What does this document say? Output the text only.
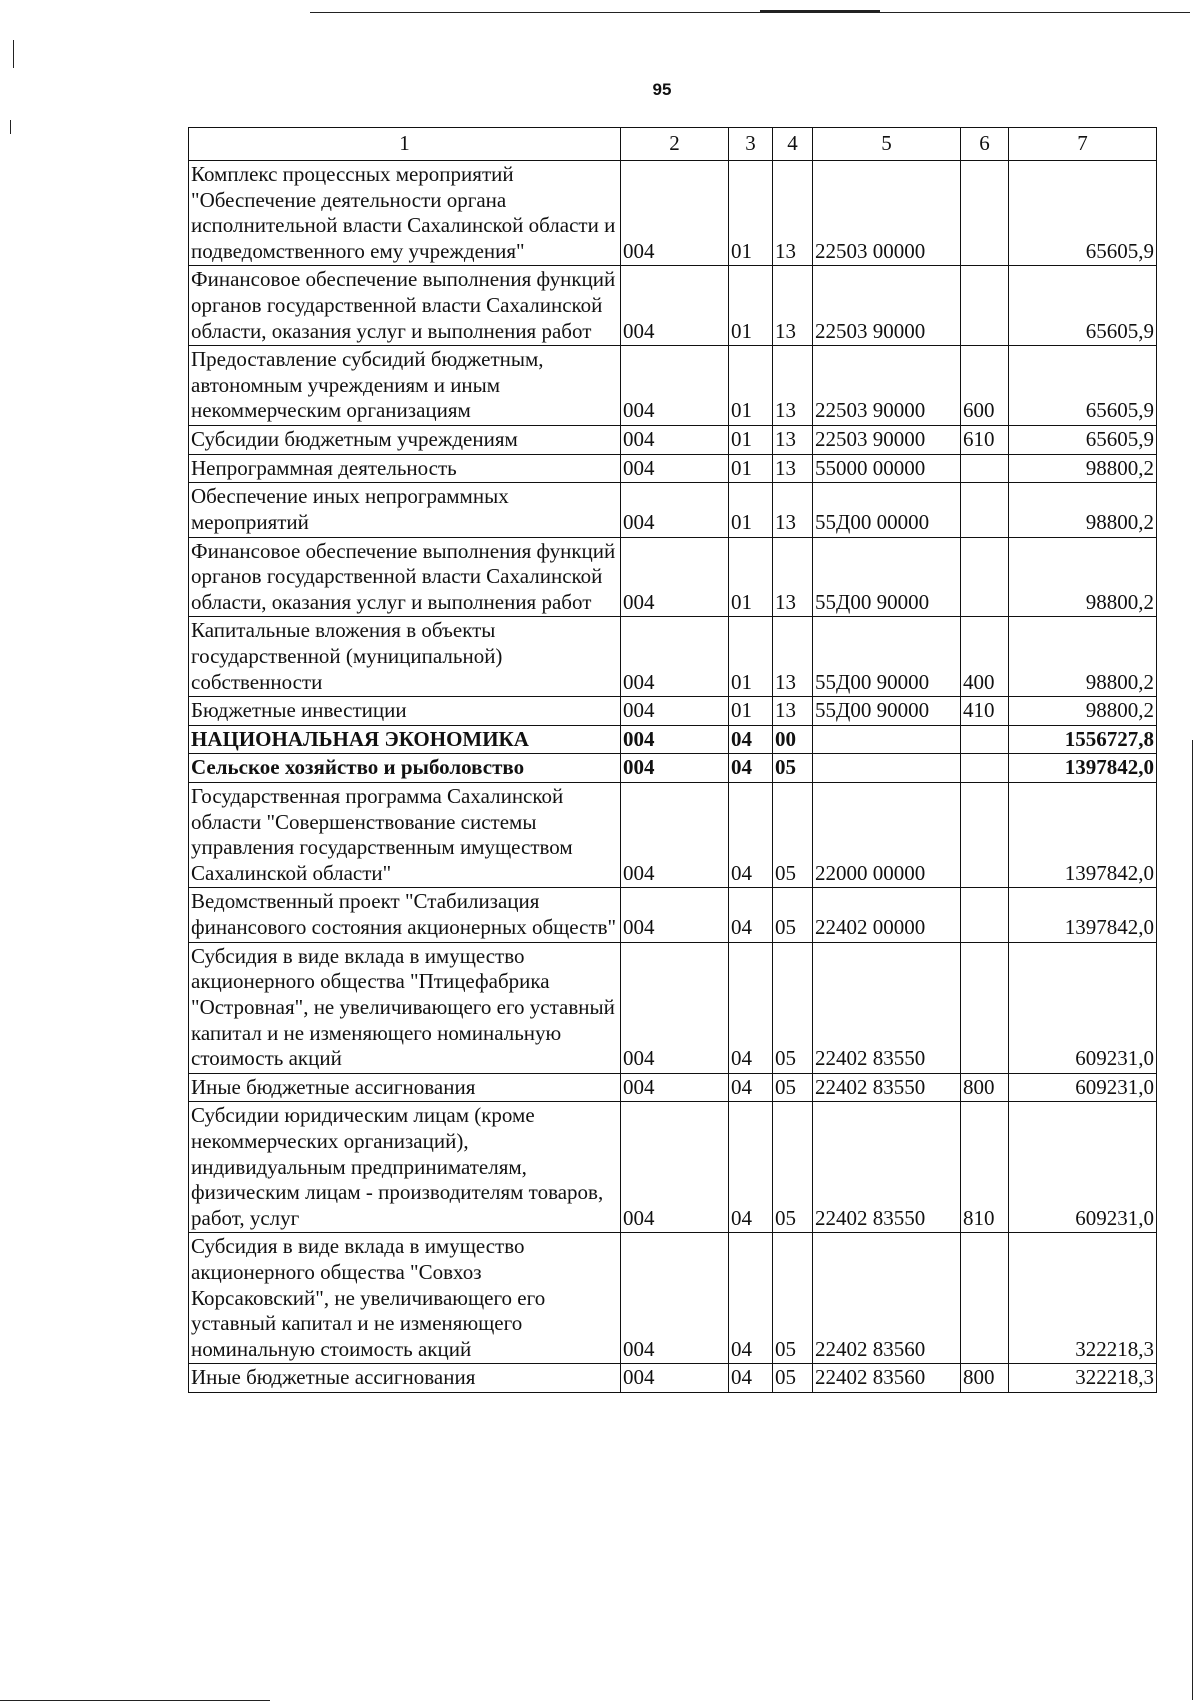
95
1	2	3	4	5	6	7
Комплекс процессных мероприятий "Обеспечение деятельности органа исполнительной власти Сахалинской области и подведомственного ему учреждения"	004	01	13	22503 00000		65605,9
Финансовое обеспечение выполнения функций органов государственной власти Сахалинской области, оказания услуг и выполнения работ	004	01	13	22503 90000		65605,9
Предоставление субсидий бюджетным, автономным учреждениям и иным некоммерческим организациям	004	01	13	22503 90000	600	65605,9
Субсидии бюджетным учреждениям	004	01	13	22503 90000	610	65605,9
Непрограммная деятельность	004	01	13	55000 00000		98800,2
Обеспечение иных непрограммных мероприятий	004	01	13	55Д00 00000		98800,2
Финансовое обеспечение выполнения функций органов государственной власти Сахалинской области, оказания услуг и выполнения работ	004	01	13	55Д00 90000		98800,2
Капитальные вложения в объекты государственной (муниципальной) собственности	004	01	13	55Д00 90000	400	98800,2
Бюджетные инвестиции	004	01	13	55Д00 90000	410	98800,2
НАЦИОНАЛЬНАЯ ЭКОНОМИКА	004	04	00			1556727,8
Сельское хозяйство и рыболовство	004	04	05			1397842,0
Государственная программа Сахалинской области "Совершенствование системы управления государственным имуществом Сахалинской области"	004	04	05	22000 00000		1397842,0
Ведомственный проект "Стабилизация финансового состояния акционерных обществ"	004	04	05	22402 00000		1397842,0
Субсидия в виде вклада в имущество акционерного общества "Птицефабрика "Островная", не увеличивающего его уставный капитал и не изменяющего номинальную стоимость акций	004	04	05	22402 83550		609231,0
Иные бюджетные ассигнования	004	04	05	22402 83550	800	609231,0
Субсидии юридическим лицам (кроме некоммерческих организаций), индивидуальным предпринимателям, физическим лицам - производителям товаров, работ, услуг	004	04	05	22402 83550	810	609231,0
Субсидия в виде вклада в имущество акционерного общества "Совхоз Корсаковский", не увеличивающего его уставный капитал и не изменяющего номинальную стоимость акций	004	04	05	22402 83560		322218,3
Иные бюджетные ассигнования	004	04	05	22402 83560	800	322218,3
